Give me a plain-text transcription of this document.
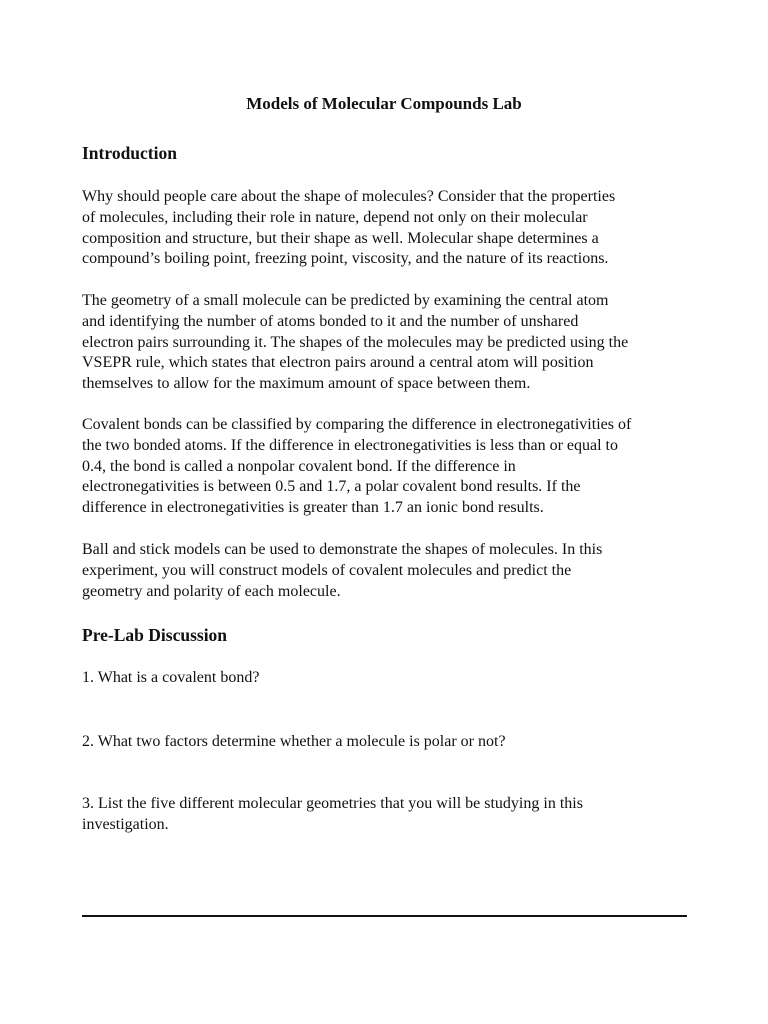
Models of Molecular Compounds Lab
Introduction

Why should people care about the shape of molecules? Consider that the properties
of molecules, including their role in nature, depend not only on their molecular
composition and structure, but their shape as well. Molecular shape determines a
compound’s boiling point, freezing point, viscosity, and the nature of its reactions.

The geometry of a small molecule can be predicted by examining the central atom
and identifying the number of atoms bonded to it and the number of unshared
electron pairs surrounding it. The shapes of the molecules may be predicted using the
VSEPR rule, which states that electron pairs around a central atom will position
themselves to allow for the maximum amount of space between them.

Covalent bonds can be classified by comparing the difference in electronegativities of
the two bonded atoms. If the difference in electronegativities is less than or equal to
0.4, the bond is called a nonpolar covalent bond. If the difference in
electronegativities is between 0.5 and 1.7, a polar covalent bond results. If the
difference in electronegativities is greater than 1.7 an ionic bond results.

Ball and stick models can be used to demonstrate the shapes of molecules. In this
experiment, you will construct models of covalent molecules and predict the
geometry and polarity of each molecule.

Pre-Lab Discussion

1. What is a covalent bond?

2. What two factors determine whether a molecule is polar or not?

3. List the five different molecular geometries that you will be studying in this
investigation.
